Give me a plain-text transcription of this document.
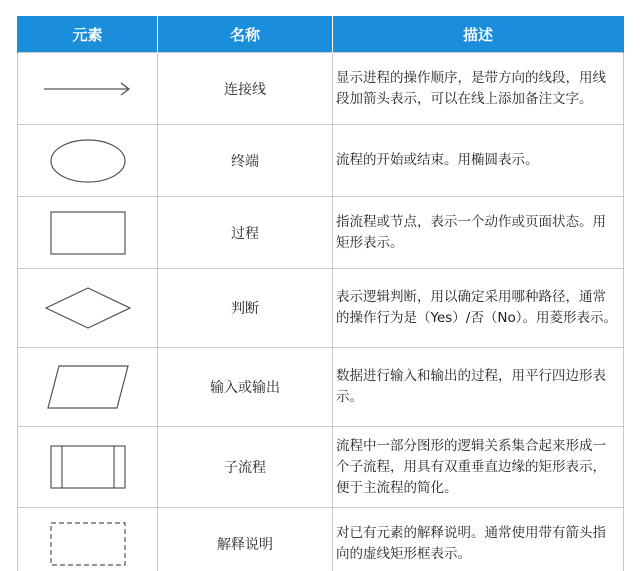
元素	名称	描述

	连接线	显示进程的操作顺序，是带方向的线段，用线段加箭头表示，可以在线上添加备注文字。

	终端	流程的开始或结束。用椭圆表示。

	过程	指流程或节点，表示一个动作或页面状态。用矩形表示。

	判断	表示逻辑判断，用以确定采用哪种路径，通常的操作行为是（Yes）/否（No）。用菱形表示。

	输入或输出	数据进行输入和输出的过程，用平行四边形表示。

	子流程	流程中一部分图形的逻辑关系集合起来形成一个子流程，用具有双重垂直边缘的矩形表示，便于主流程的简化。

	解释说明	对已有元素的解释说明。通常使用带有箭头指向的虚线矩形框表示。
